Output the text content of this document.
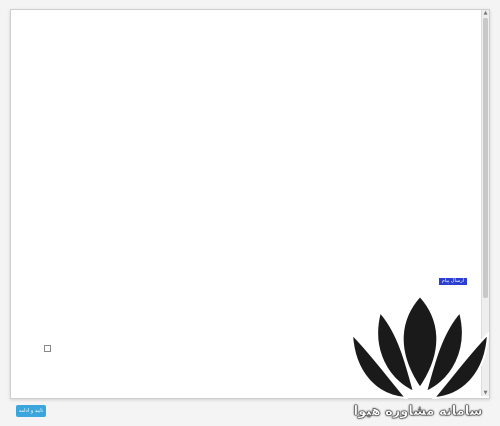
ارسال پیام
▲
▼
تایید و ادامه	سامانه مشاوره هیوا
